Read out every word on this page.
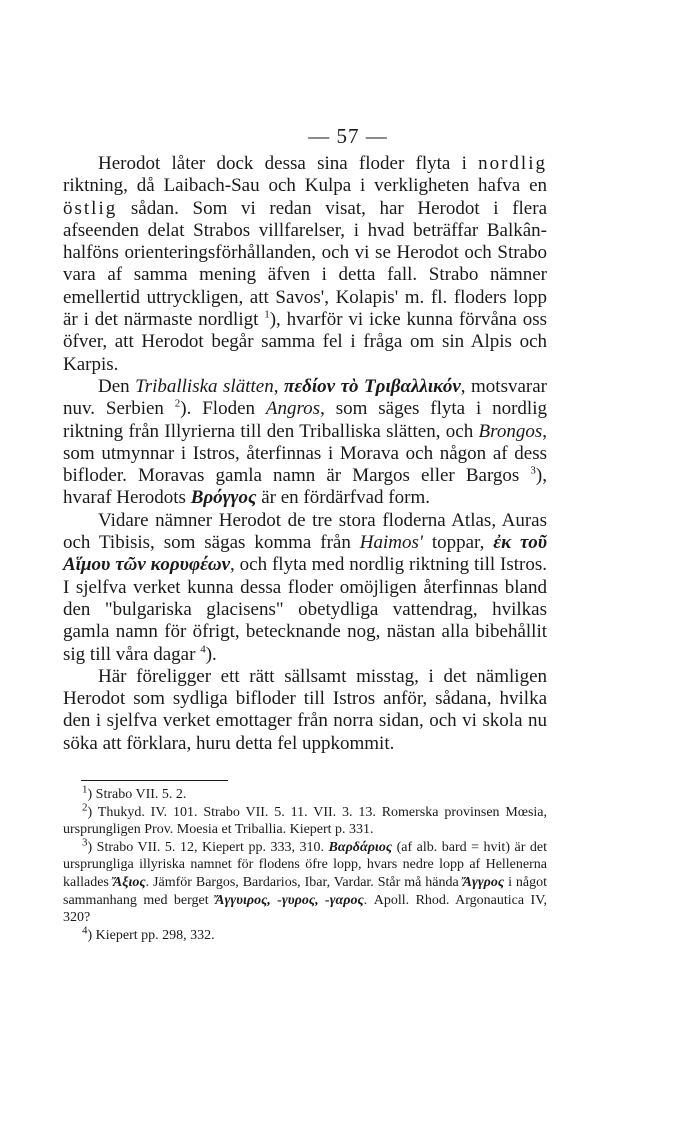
— 57 —

Herodot låter dock dessa sina floder flyta i nordlig riktning, då Laibach-Sau och Kulpa i verkligheten hafva en östlig sådan. Som vi redan visat, har Herodot i flera afseenden delat Strabos villfarelser, i hvad beträffar Balkân-halföns orienteringsförhållanden, och vi se Herodot och Strabo vara af samma mening äfven i detta fall. Strabo nämner emellertid uttryckligen, att Savos', Kolapis' m. fl. floders lopp är i det närmaste nordligt $^1$), hvarför vi icke kunna förvåna oss öfver, att Herodot begår samma fel i fråga om sin Alpis och Karpis.

Den Triballiska slätten, πεδίον τὸ Τριβαλλικόν, motsvarar nuv. Serbien $^2$). Floden Angros, som säges flyta i nordlig riktning från Illyrierna till den Triballiska slätten, och Brongos, som utmynnar i Istros, återfinnas i Morava och någon af dess bifloder. Moravas gamla namn är Margos eller Bargos $^3$), hvaraf Herodots Βρόγγος är en fördärfvad form.

Vidare nämner Herodot de tre stora floderna Atlas, Auras och Tibisis, som sägas komma från Haimos' toppar, ἐκ τοῦ Αἵμου τῶν κορυφέων, och flyta med nordlig riktning till Istros. I sjelfva verket kunna dessa floder omöjligen återfinnas bland den "bulgariska glacisens" obetydliga vattendrag, hvilkas gamla namn för öfrigt, betecknande nog, nästan alla bibehållit sig till våra dagar $^4$).

Här föreligger ett rätt sällsamt misstag, i det nämligen Herodot som sydliga bifloder till Istros anför, sådana, hvilka den i sjelfva verket emottager från norra sidan, och vi skola nu söka att förklara, huru detta fel uppkommit.

$^1$) Strabo VII. 5. 2.

$^2$) Thukyd. IV. 101. Strabo VII. 5. 11. VII. 3. 13. Romerska provinsen Mœsia, ursprungligen Prov. Moesia et Triballia. Kiepert p. 331.

$^3$) Strabo VII. 5. 12, Kiepert pp. 333, 310. Βαρδάριος (af alb. bard = hvit) är det ursprungliga illyriska namnet för flodens öfre lopp, hvars nedre lopp af Hellenerna kallades Ἄξιος. Jämför Bargos, Bardarios, Ibar, Vardar. Står må hända Ἄγγρος i något sammanhang med berget Ἄγγυιρος, -γυρος, -γαρος. Apoll. Rhod. Argonautica IV, 320?

$^4$) Kiepert pp. 298, 332.
